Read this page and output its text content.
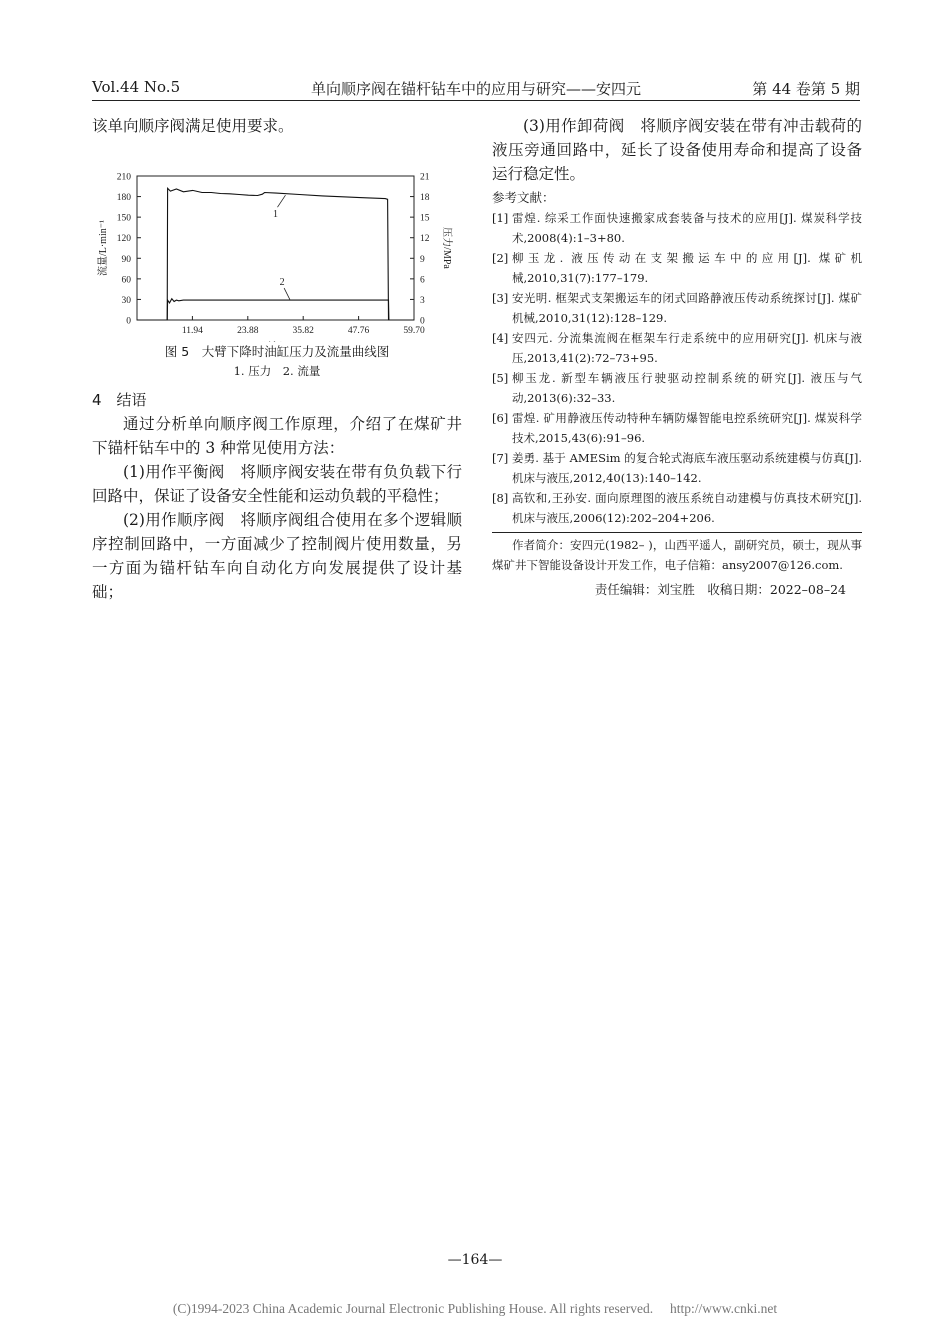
Vol.44 No.5	单向顺序阀在锚杆钻车中的应用与研究——安四元	第 44 卷第 5 期

该单向顺序阀满足使用要求。

0
30
60
90
120
150
180
210
0
3
6
9
12
15
18
21
11.94	23.88	35.82	47.76	59.70
流量/L·min⁻¹	压力/MPa
1
2

图 5　大臂下降时油缸压力及流量曲线图

1. 压力　2. 流量

4　结语

通过分析单向顺序阀工作原理，介绍了在煤矿井下锚杆钻车中的 3 种常见使用方法：

(1)用作平衡阀　将顺序阀安装在带有负负载下行回路中，保证了设备安全性能和运动负载的平稳性；

(2)用作顺序阀　将顺序阀组合使用在多个逻辑顺序控制回路中，一方面减少了控制阀片使用数量，另一方面为锚杆钻车向自动化方向发展提供了设计基础；

(3)用作卸荷阀　将顺序阀安装在带有冲击载荷的液压旁通回路中，延长了设备使用寿命和提高了设备运行稳定性。

参考文献：

[1] 雷煌. 综采工作面快速搬家成套装备与技术的应用[J]. 煤炭科学技术,2008(4):1–3+80.

[2] 柳玉龙. 液压传动在支架搬运车中的应用[J]. 煤矿机械,2010,31(7):177–179.

[3] 安光明. 框架式支架搬运车的闭式回路静液压传动系统探讨[J]. 煤矿机械,2010,31(12):128–129.

[4] 安四元. 分流集流阀在框架车行走系统中的应用研究[J]. 机床与液压,2013,41(2):72–73+95.

[5] 柳玉龙. 新型车辆液压行驶驱动控制系统的研究[J]. 液压与气动,2013(6):32–33.

[6] 雷煌. 矿用静液压传动特种车辆防爆智能电控系统研究[J]. 煤炭科学技术,2015,43(6):91–96.

[7] 姜勇. 基于 AMESim 的复合轮式海底车液压驱动系统建模与仿真[J]. 机床与液压,2012,40(13):140–142.

[8] 高钦和,王孙安. 面向原理图的液压系统自动建模与仿真技术研究[J]. 机床与液压,2006(12):202–204+206.

作者简介：安四元(1982– )，山西平遥人，副研究员，硕士，现从事煤矿井下智能设备设计开发工作，电子信箱：ansy2007@126.com.

责任编辑：刘宝胜　收稿日期：2022–08–24

—164—
(C)1994-2023 China Academic Journal Electronic Publishing House. All rights reserved.　 http://www.cnki.net
